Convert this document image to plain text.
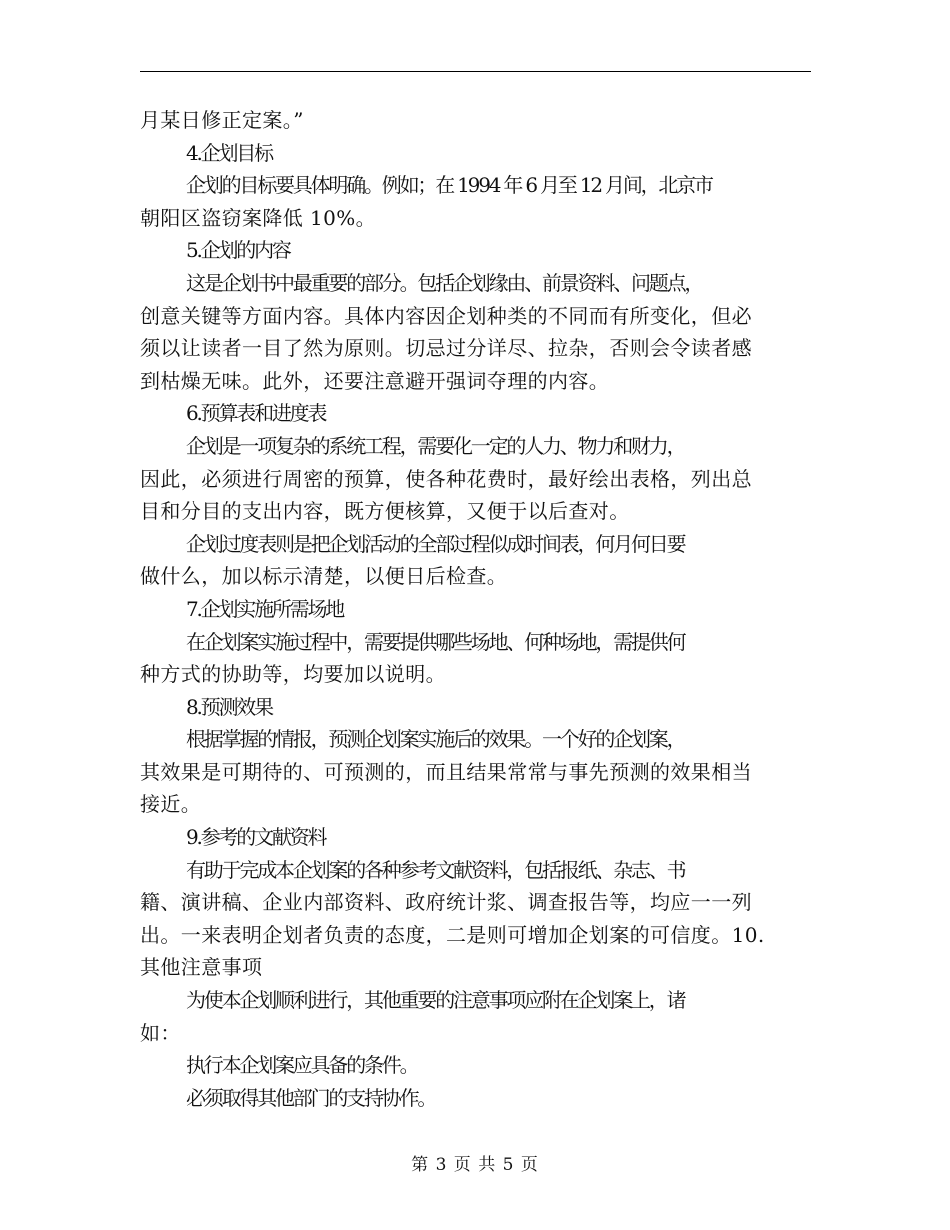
月某日修正定案。”
4.企划目标
企划的目标要具体明确。例如；在 1994 年 6 月至 12 月间，北京市
朝阳区盗窃案降低 10%。
5.企划的内容
这是企划书中最重要的部分。包括企划缘由、前景资料、问题点，
创意关键等方面内容。具体内容因企划种类的不同而有所变化，但必
须以让读者一目了然为原则。切忌过分详尽、拉杂，否则会令读者感
到枯燥无味。此外，还要注意避开强词夺理的内容。
6.预算表和进度表
企划是一项复杂的系统工程，需要化一定的人力、物力和财力，
因此，必须进行周密的预算，使各种花费时，最好绘出表格，列出总
目和分目的支出内容，既方便核算，又便于以后查对。
企划过度表则是把企划活动的全部过程似成时间表，何月何日要
做什么，加以标示清楚，以便日后检查。
7.企划实施所需场地
在企划案实施过程中，需要提供哪些场地、何种场地，需提供何
种方式的协助等，均要加以说明。
8.预测效果
根据掌握的情报，预测企划案实施后的效果。一个好的企划案，
其效果是可期待的、可预测的，而且结果常常与事先预测的效果相当
接近。
9.参考的文献资料
有助于完成本企划案的各种参考文献资料，包括报纸、杂志、书
籍、演讲稿、企业内部资料、政府统计浆、调查报告等，均应一一列
出。一来表明企划者负责的态度，二是则可增加企划案的可信度。10.
其他注意事项
为使本企划顺利进行，其他重要的注意事项应附在企划案上，诸
如：
执行本企划案应具备的条件。
必须取得其他部门的支持协作。
第 3 页 共 5 页
